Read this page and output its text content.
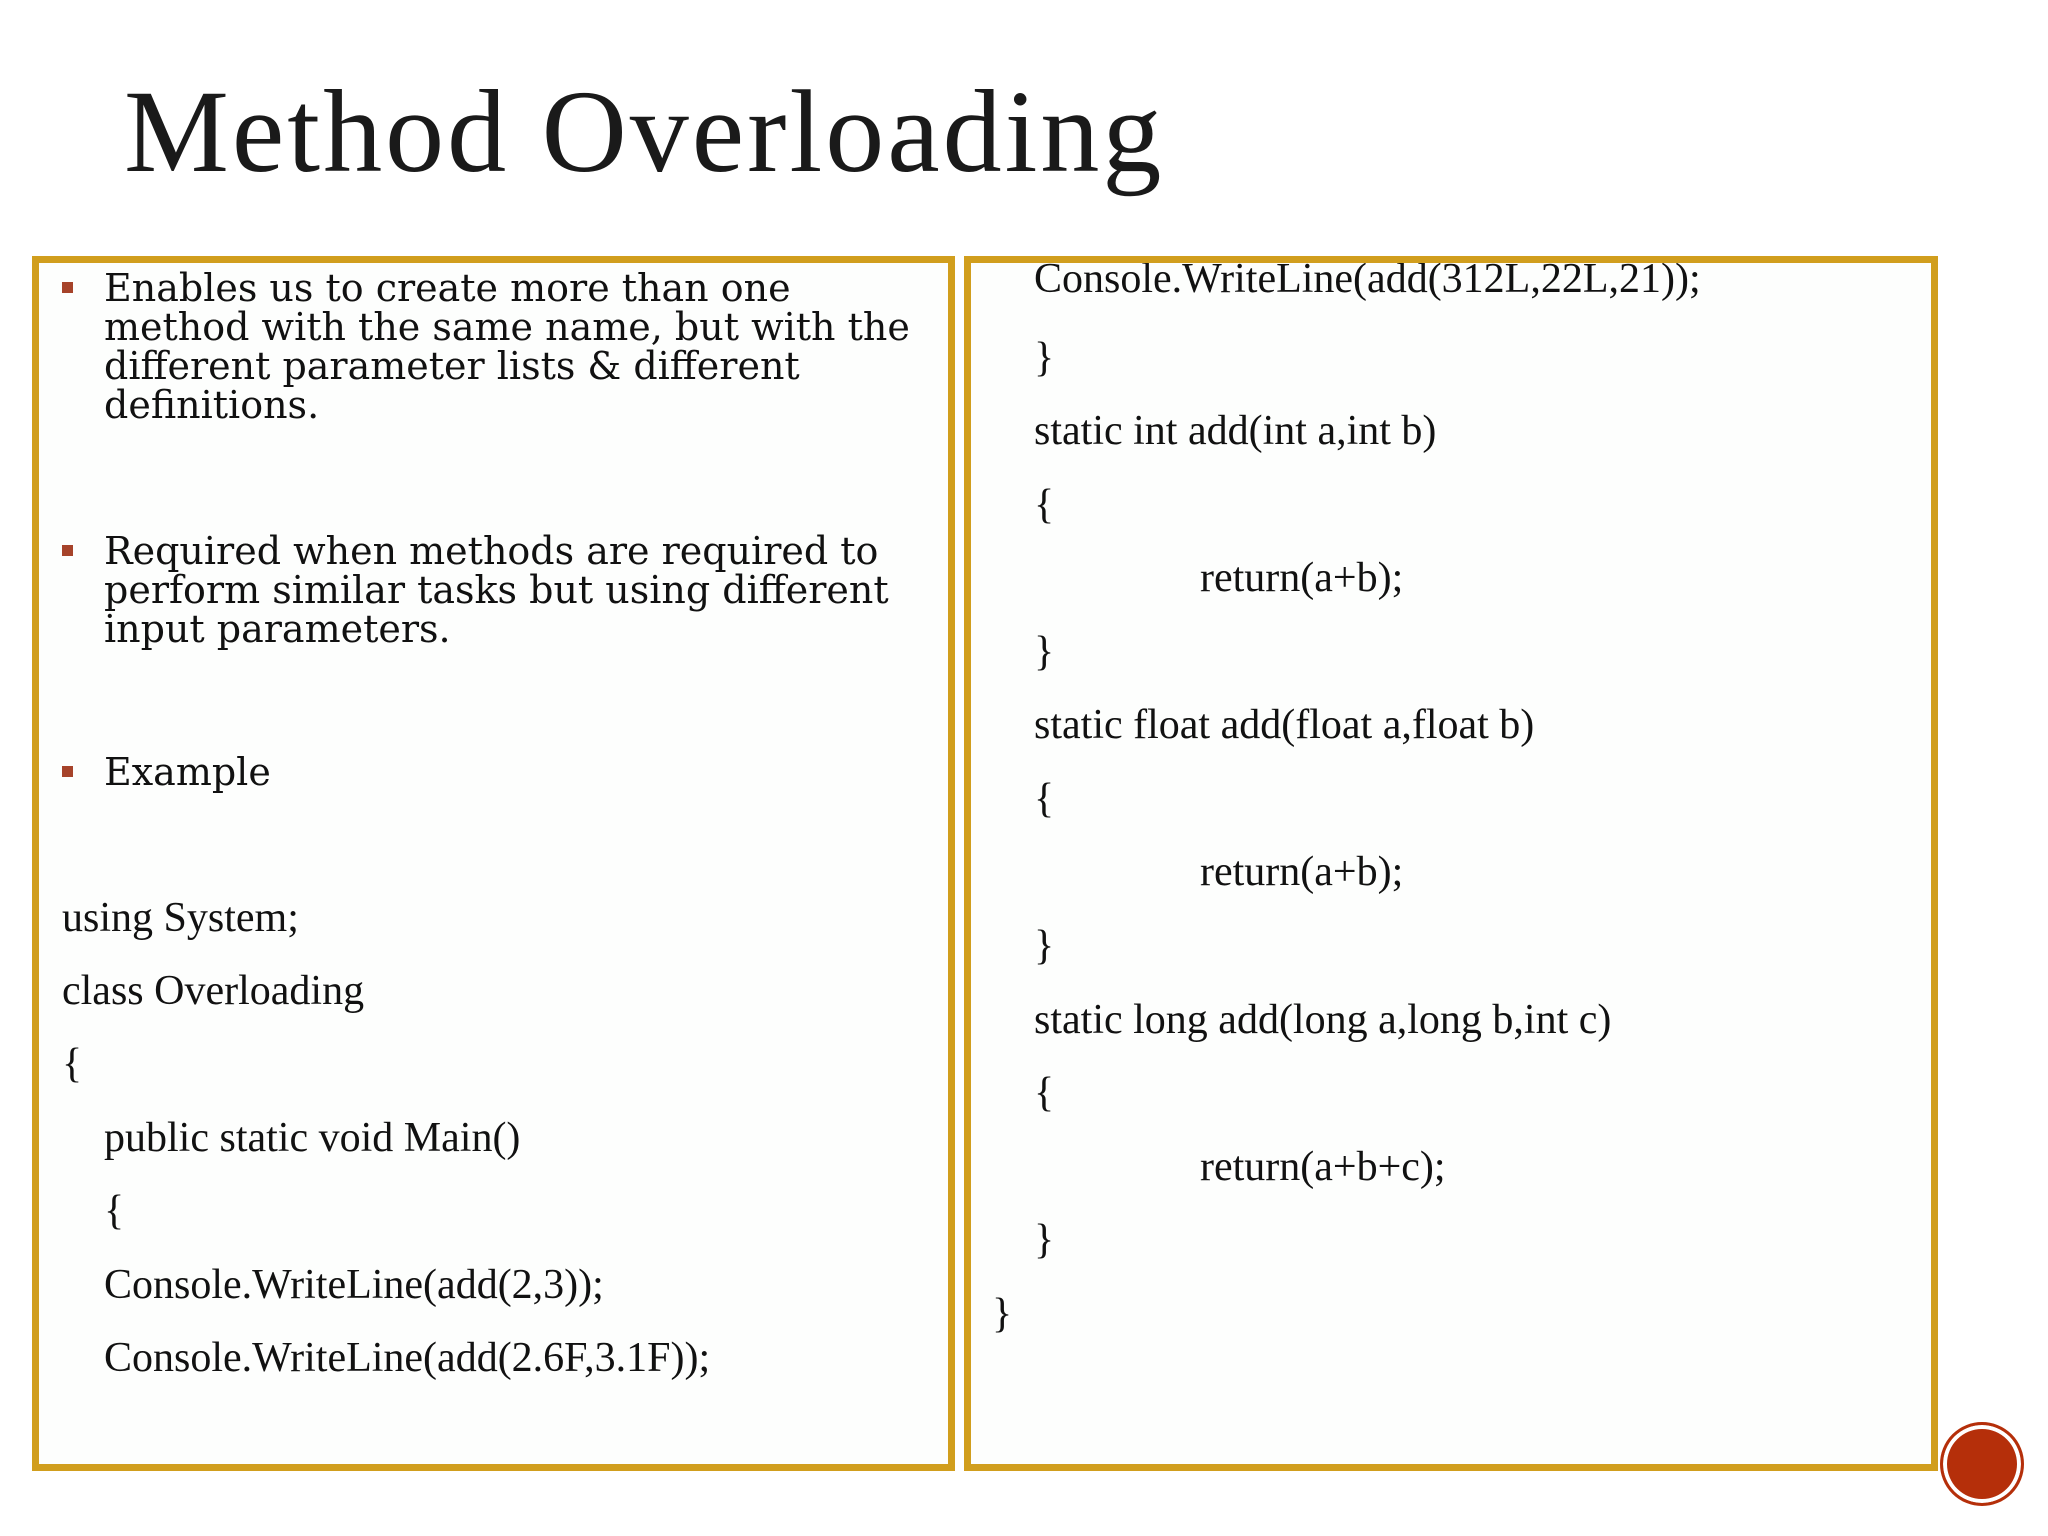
Method Overloading
Enables us to create more than one method with the same name, but with the different parameter lists & different definitions.
Required when methods are required to perform similar tasks but using different input parameters.
Example
using System;
class Overloading
{
public static void Main()
{
Console.WriteLine(add(2,3));
Console.WriteLine(add(2.6F,3.1F));
Console.WriteLine(add(312L,22L,21));
}
static int add(int a,int b)
{
return(a+b);
}
static float add(float a,float b)
{
return(a+b);
}
static long add(long a,long b,int c)
{
return(a+b+c);
}
}
